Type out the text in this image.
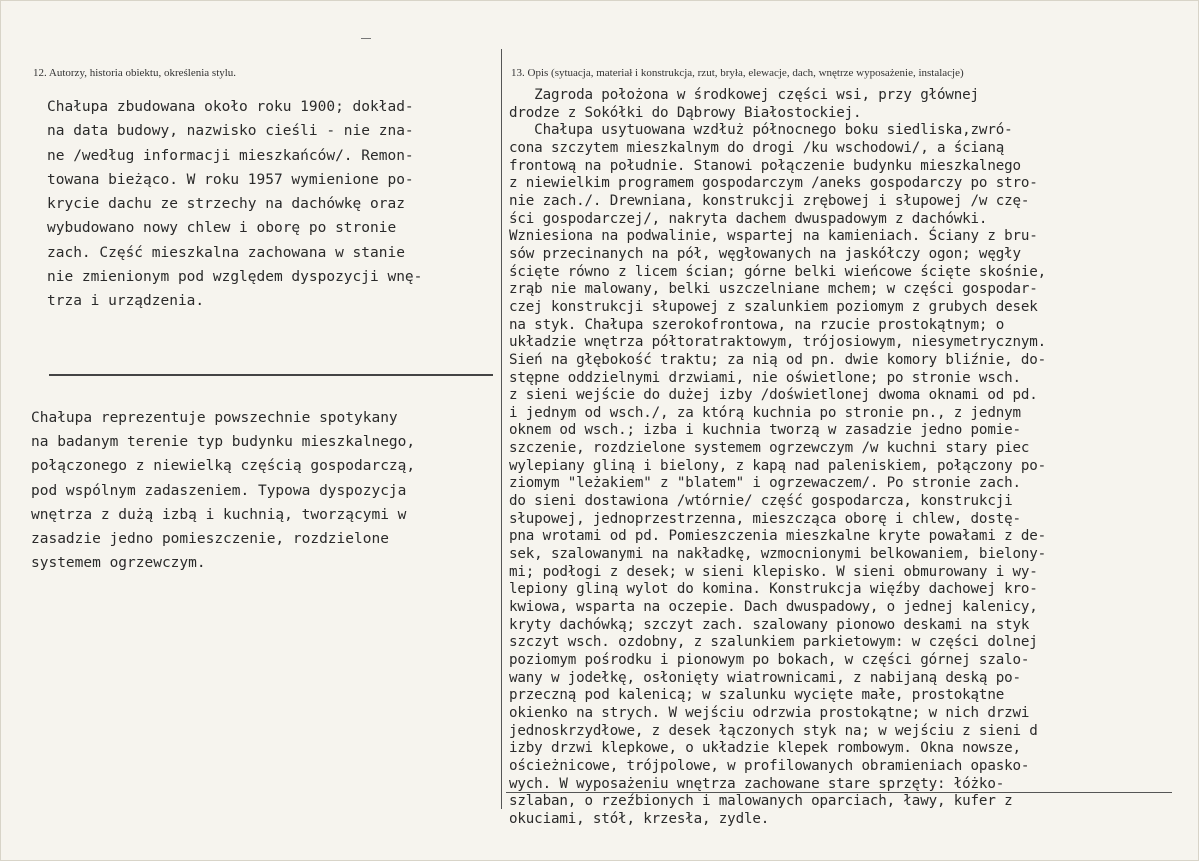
12. Autorzy, historia obiektu, określenia stylu.
Chałupa zbudowana około roku 1900; dokład-
na data budowy, nazwisko cieśli - nie zna-
ne /według informacji mieszkańców/. Remon-
towana bieżąco. W roku 1957 wymienione po-
krycie dachu ze strzechy na dachówkę oraz
wybudowano nowy chlew i oborę po stronie
zach. Część mieszkalna zachowana w stanie
nie zmienionym pod względem dyspozycji wnę-
trza i urządzenia.
Chałupa reprezentuje powszechnie spotykany
na badanym terenie typ budynku mieszkalnego,
połączonego z niewielką częścią gospodarczą,
pod wspólnym zadaszeniem. Typowa dyspozycja
wnętrza z dużą izbą i kuchnią, tworzącymi w
zasadzie jedno pomieszczenie, rozdzielone
systemem ogrzewczym.
13. Opis (sytuacja, materiał i konstrukcja, rzut, bryła, elewacje, dach, wnętrze wyposażenie, instalacje)
Zagroda położona w środkowej części wsi, przy głównej
drodze z Sokółki do Dąbrowy Białostockiej.
Chałupa usytuowana wzdłuż północnego boku siedliska,zwró-
cona szczytem mieszkalnym do drogi /ku wschodowi/, a ścianą
frontową na południe. Stanowi połączenie budynku mieszkalnego
z niewielkim programem gospodarczym /aneks gospodarczy po stro-
nie zach./. Drewniana, konstrukcji zrębowej i słupowej /w czę-
ści gospodarczej/, nakryta dachem dwuspadowym z dachówki.
Wzniesiona na podwalinie, wspartej na kamieniach. Ściany z bru-
sów przecinanych na pół, węgłowanych na jaskółczy ogon; węgły
ścięte równo z licem ścian; górne belki wieńcowe ścięte skośnie,
zrąb nie malowany, belki uszczelniane mchem; w części gospodar-
czej konstrukcji słupowej z szalunkiem poziomym z grubych desek
na styk. Chałupa szerokofrontowa, na rzucie prostokątnym; o
układzie wnętrza półtoratraktowym, trójosiowym, niesymetrycznym.
Sień na głębokość traktu; za nią od pn. dwie komory bliźnie, do-
stępne oddzielnymi drzwiami, nie oświetlone; po stronie wsch.
z sieni wejście do dużej izby /doświetlonej dwoma oknami od pd.
i jednym od wsch./, za którą kuchnia po stronie pn., z jednym
oknem od wsch.; izba i kuchnia tworzą w zasadzie jedno pomie-
szczenie, rozdzielone systemem ogrzewczym /w kuchni stary piec
wylepiany gliną i bielony, z kapą nad paleniskiem, połączony po-
ziomym "leżakiem" z "blatem" i ogrzewaczem/. Po stronie zach.
do sieni dostawiona /wtórnie/ część gospodarcza, konstrukcji
słupowej, jednoprzestrzenna, mieszcząca oborę i chlew, dostę-
pna wrotami od pd. Pomieszczenia mieszkalne kryte powałami z de-
sek, szalowanymi na nakładkę, wzmocnionymi belkowaniem, bielony-
mi; podłogi z desek; w sieni klepisko. W sieni obmurowany i wy-
lepiony gliną wylot do komina. Konstrukcja więźby dachowej kro-
kwiowa, wsparta na oczepie. Dach dwuspadowy, o jednej kalenicy,
kryty dachówką; szczyt zach. szalowany pionowo deskami na styk
szczyt wsch. ozdobny, z szalunkiem parkietowym: w części dolnej
poziomym pośrodku i pionowym po bokach, w części górnej szalo-
wany w jodełkę, osłonięty wiatrownicami, z nabijaną deską po-
przeczną pod kalenicą; w szalunku wycięte małe, prostokątne
okienko na strych. W wejściu odrzwia prostokątne; w nich drzwi
jednoskrzydłowe, z desek łączonych styk na; w wejściu z sieni d
izby drzwi klepkowe, o układzie klepek rombowym. Okna nowsze,
ościeżnicowe, trójpolowe, w profilowanych obramieniach opasko-
wych. W wyposażeniu wnętrza zachowane stare sprzęty: łóżko-
szlaban, o rzeźbionych i malowanych oparciach, ławy, kufer z
okuciami, stół, krzesła, zydle.
